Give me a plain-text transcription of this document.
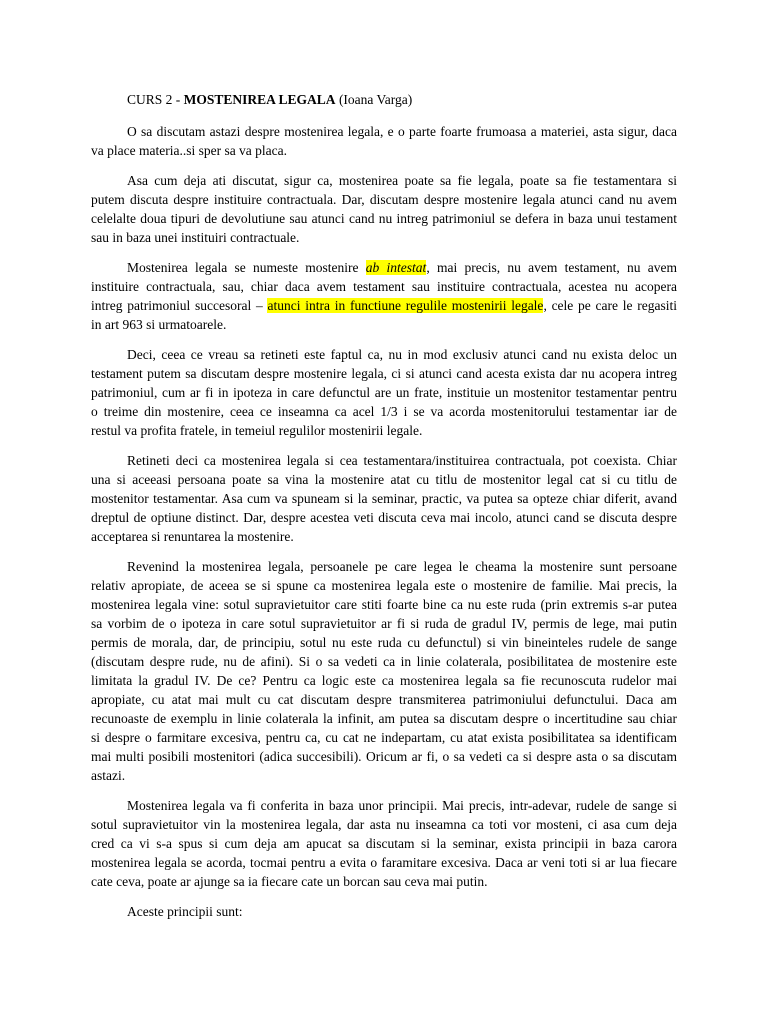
CURS 2 - MOSTENIREA LEGALA (Ioana Varga)
O sa discutam astazi despre mostenirea legala, e o parte foarte frumoasa a materiei, asta sigur, daca
va place materia..si sper sa va placa.
Asa cum deja ati discutat, sigur ca, mostenirea poate sa fie legala, poate sa fie testamentara si
putem discuta despre instituire contractuala. Dar, discutam despre mostenire legala atunci cand nu avem
celelalte doua tipuri de devolutiune sau atunci cand nu intreg patrimoniul se defera in baza unui testament
sau in baza unei instituiri contractuale.
Mostenirea legala se numeste mostenire ab intestat, mai precis, nu avem testament, nu avem
instituire contractuala, sau, chiar daca avem testament sau instituire contractuala, acestea nu acopera
intreg patrimoniul succesoral – atunci intra in functiune regulile mostenirii legale, cele pe care le regasiti
in art 963 si urmatoarele.
Deci, ceea ce vreau sa retineti este faptul ca, nu in mod exclusiv atunci cand nu exista deloc un
testament putem sa discutam despre mostenire legala, ci si atunci cand acesta exista dar nu acopera intreg
patrimoniul, cum ar fi in ipoteza in care defunctul are un frate, instituie un mostenitor testamentar pentru
o treime din mostenire, ceea ce inseamna ca acel 1/3 i se va acorda mostenitorului testamentar iar de
restul va profita fratele, in temeiul regulilor mostenirii legale.
Retineti deci ca mostenirea legala si cea testamentara/instituirea contractuala, pot coexista. Chiar
una si aceeasi persoana poate sa vina la mostenire atat cu titlu de mostenitor legal cat si cu titlu de
mostenitor testamentar. Asa cum va spuneam si la seminar, practic, va putea sa opteze chiar diferit, avand
dreptul de optiune distinct. Dar, despre acestea veti discuta ceva mai incolo, atunci cand se discuta despre
acceptarea si renuntarea la mostenire.
Revenind la mostenirea legala, persoanele pe care legea le cheama la mostenire sunt persoane
relativ apropiate, de aceea se si spune ca mostenirea legala este o mostenire de familie. Mai precis, la
mostenirea legala vine: sotul supravietuitor care stiti foarte bine ca nu este ruda (prin extremis s-ar putea
sa vorbim de o ipoteza in care sotul supravietuitor ar fi si ruda de gradul IV, permis de lege, mai putin
permis de morala, dar, de principiu, sotul nu este ruda cu defunctul) si vin bineinteles rudele de sange
(discutam despre rude, nu de afini). Si o sa vedeti ca in linie colaterala, posibilitatea de mostenire este
limitata la gradul IV. De ce? Pentru ca logic este ca mostenirea legala sa fie recunoscuta rudelor mai
apropiate, cu atat mai mult cu cat discutam despre transmiterea patrimoniului defunctului. Daca am
recunoaste de exemplu in linie colaterala la infinit, am putea sa discutam despre o incertitudine sau chiar
si despre o farmitare excesiva, pentru ca, cu cat ne indepartam, cu atat exista posibilitatea sa identificam
mai multi posibili mostenitori (adica succesibili). Oricum ar fi, o sa vedeti ca si despre asta o sa discutam
astazi.
Mostenirea legala va fi conferita in baza unor principii. Mai precis, intr-adevar, rudele de sange si
sotul supravietuitor vin la mostenirea legala, dar asta nu inseamna ca toti vor mosteni, ci asa cum deja
cred ca vi s-a spus si cum deja am apucat sa discutam si la seminar, exista principii in baza carora
mostenirea legala se acorda, tocmai pentru a evita o faramitare excesiva. Daca ar veni toti si ar lua fiecare
cate ceva, poate ar ajunge sa ia fiecare cate un borcan sau ceva mai putin.
Aceste principii sunt:
